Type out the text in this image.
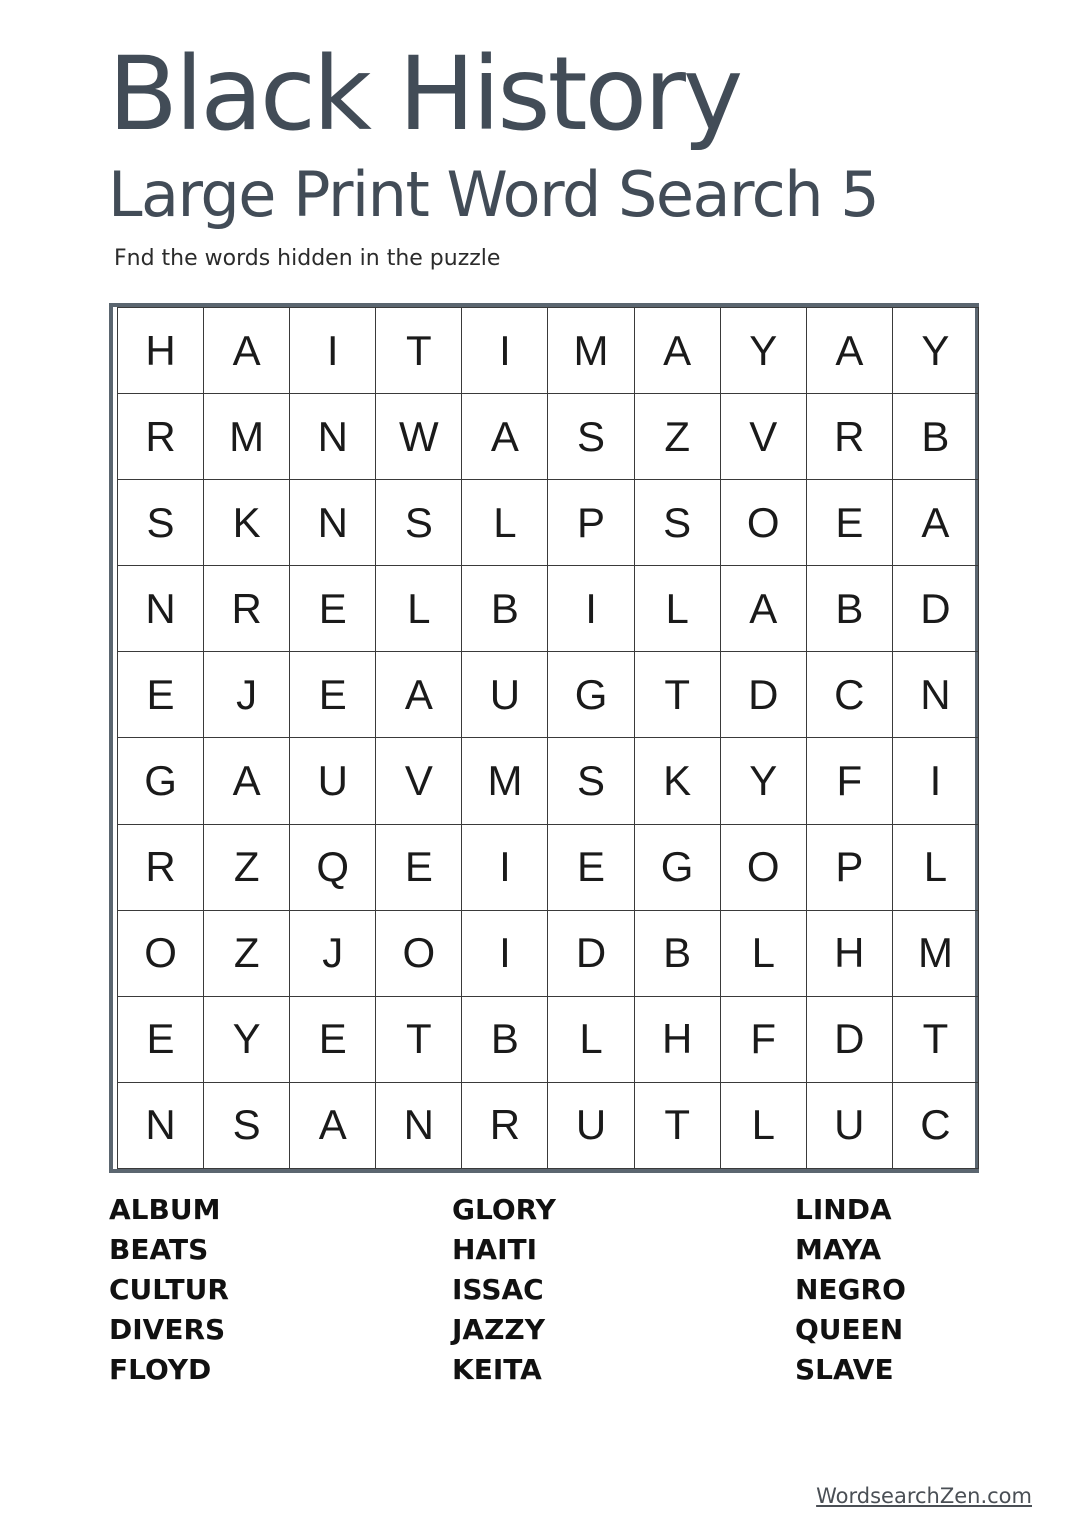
Black History
Large Print Word Search 5

Fnd the words hidden in the puzzle

H	A	I	T	I	M	A	Y	A	Y
R	M	N	W	A	S	Z	V	R	B
S	K	N	S	L	P	S	O	E	A
N	R	E	L	B	I	L	A	B	D
E	J	E	A	U	G	T	D	C	N
G	A	U	V	M	S	K	Y	F	I
R	Z	Q	E	I	E	G	O	P	L
O	Z	J	O	I	D	B	L	H	M
E	Y	E	T	B	L	H	F	D	T
N	S	A	N	R	U	T	L	U	C
ALBUM
BEATS
CULTUR
DIVERS
FLOYD
GLORY
HAITI
ISSAC
JAZZY
KEITA
LINDA
MAYA
NEGRO
QUEEN
SLAVE
WordsearchZen.com
